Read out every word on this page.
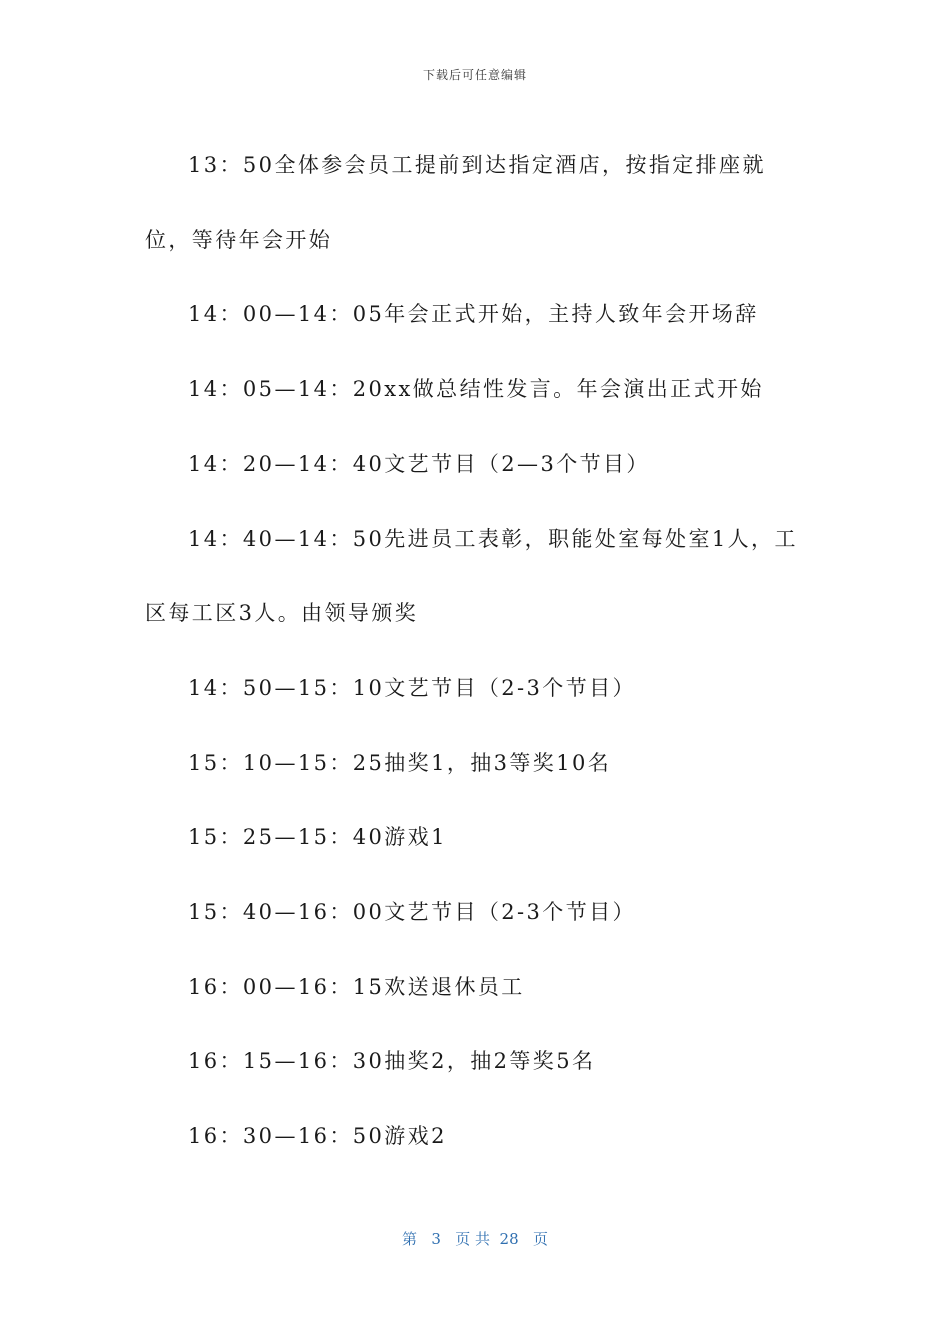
下载后可任意编辑

13：50全体参会员工提前到达指定酒店，按指定排座就位，等待年会开始

14：00—14：05年会正式开始，主持人致年会开场辞

14：05—14：20xx做总结性发言。年会演出正式开始

14：20—14：40文艺节目（2—3个节目）

14：40—14：50先进员工表彰，职能处室每处室1人，工区每工区3人。由领导颁奖

14：50—15：10文艺节目（2-3个节目）

15：10—15：25抽奖1，抽3等奖10名

15：25—15：40游戏1

15：40—16：00文艺节目（2-3个节目）

16：00—16：15欢送退休员工

16：15—16：30抽奖2，抽2等奖5名

16：30—16：50游戏2

第 3 页 共 28 页
